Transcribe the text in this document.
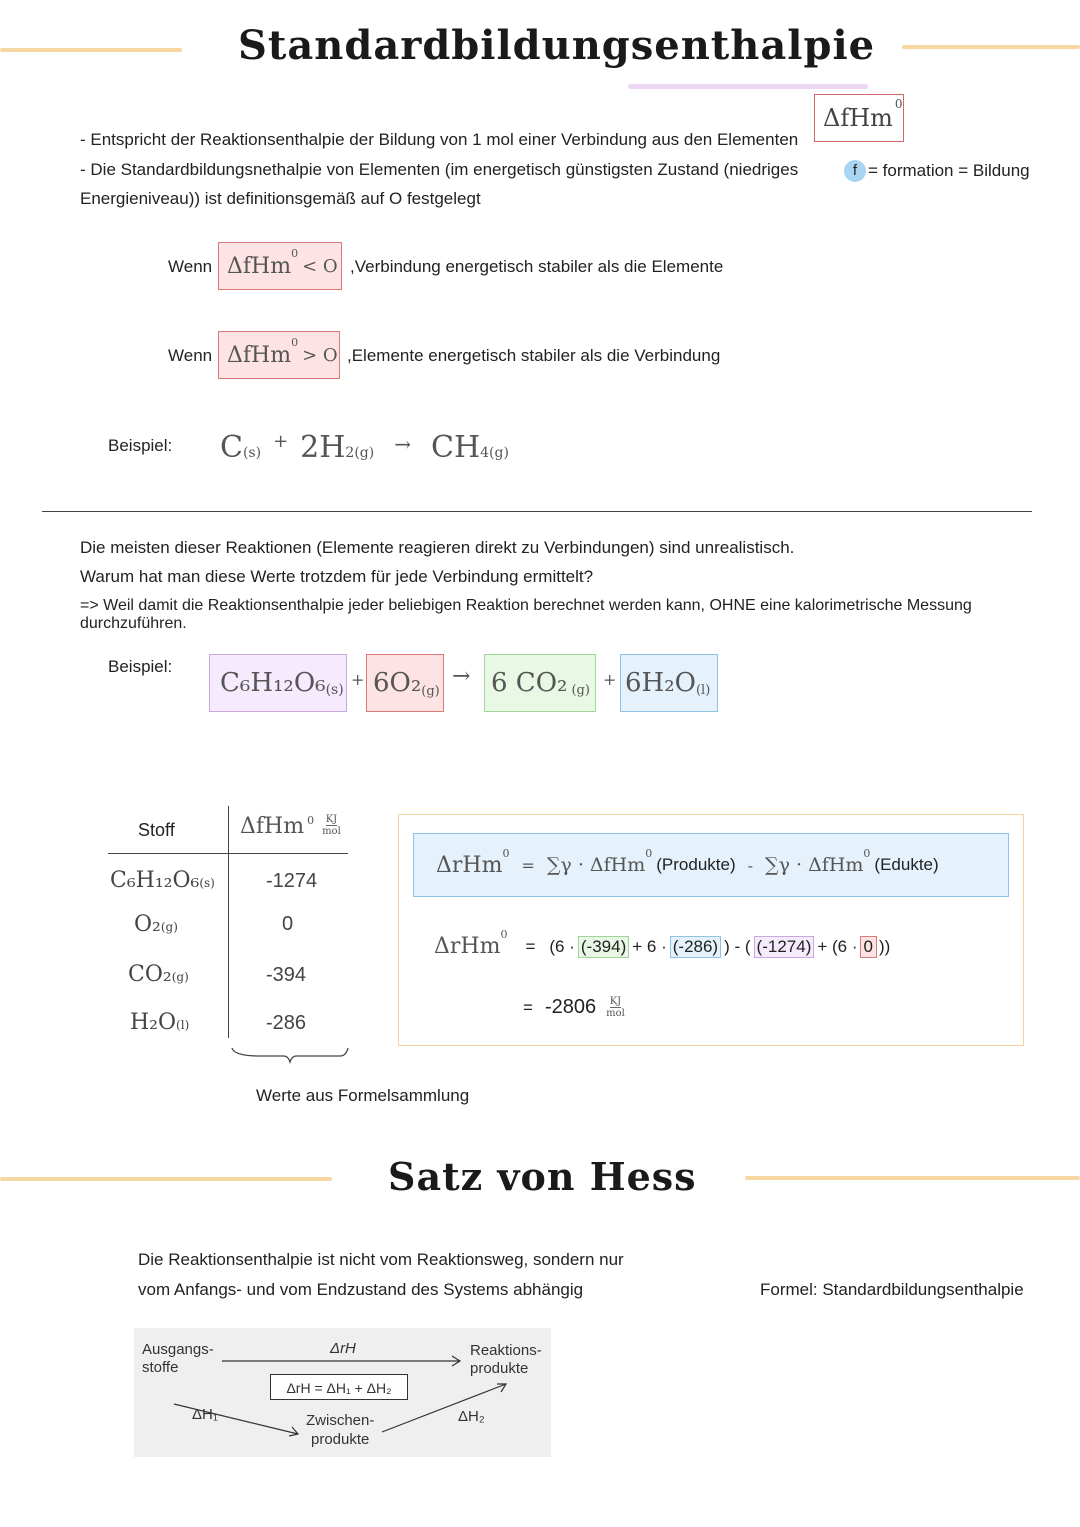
Standardbildungsenthalpie
ΔfHm 0
f = formation = Bildung
- Entspricht der Reaktionsenthalpie der Bildung von 1 mol einer Verbindung aus den Elementen
- Die Standardbildungsnethalpie von Elementen (im energetisch günstigsten Zustand (niedriges
Energieniveau)) ist definitionsgemäß auf O festgelegt
Wenn ΔfHm
0
< O ,Verbindung energetisch stabiler als die Elemente
Wenn ΔfHm
0
> O ,Elemente energetisch stabiler als die Verbindung
Beispiel: C (s)
+ 2H 2 (g) → CH 4 (g)
Die meisten dieser Reaktionen (Elemente reagieren direkt zu Verbindungen) sind unrealistisch.
Warum hat man diese Werte trotzdem für jede Verbindung ermittelt?
=> Weil damit die Reaktionsenthalpie jeder beliebigen Reaktion berechnet werden kann, OHNE eine kalorimetrische Messung durchzuführen.
Beispiel:
C₆H₁₂O₆ (s)
+ 6O₂ (g)
→ 6 CO₂ (g)
+ 6H₂O (l)
Stoff	ΔfHm 0 KJ
mol
C₆H₁₂O₆(s)	-1274
O₂(g)	0
CO₂(g)	-394
H₂O(l)	-286
Werte aus Formelsammlung
ΔrHm 0
= ∑γ · ΔfHm
0
(Produkte) - ∑γ · ΔfHm
0
(Edukte)
ΔrHm 0
= (6 · (-394) + 6 · (-286) ) - ( (-1274) + (6 · 0 ))
= -2806 KJ
mol
Satz von Hess
Die Reaktionsenthalpie ist nicht vom Reaktionsweg, sondern nur
vom Anfangs- und vom Endzustand des Systems abhängig	Formel: Standardbildungsenthalpie
Ausgangs-
stoffe
Reaktions-
produkte
ΔrH
ΔrH = ΔH₁ + ΔH₂
ΔH₁	ΔH₂
Zwischen-
produkte
